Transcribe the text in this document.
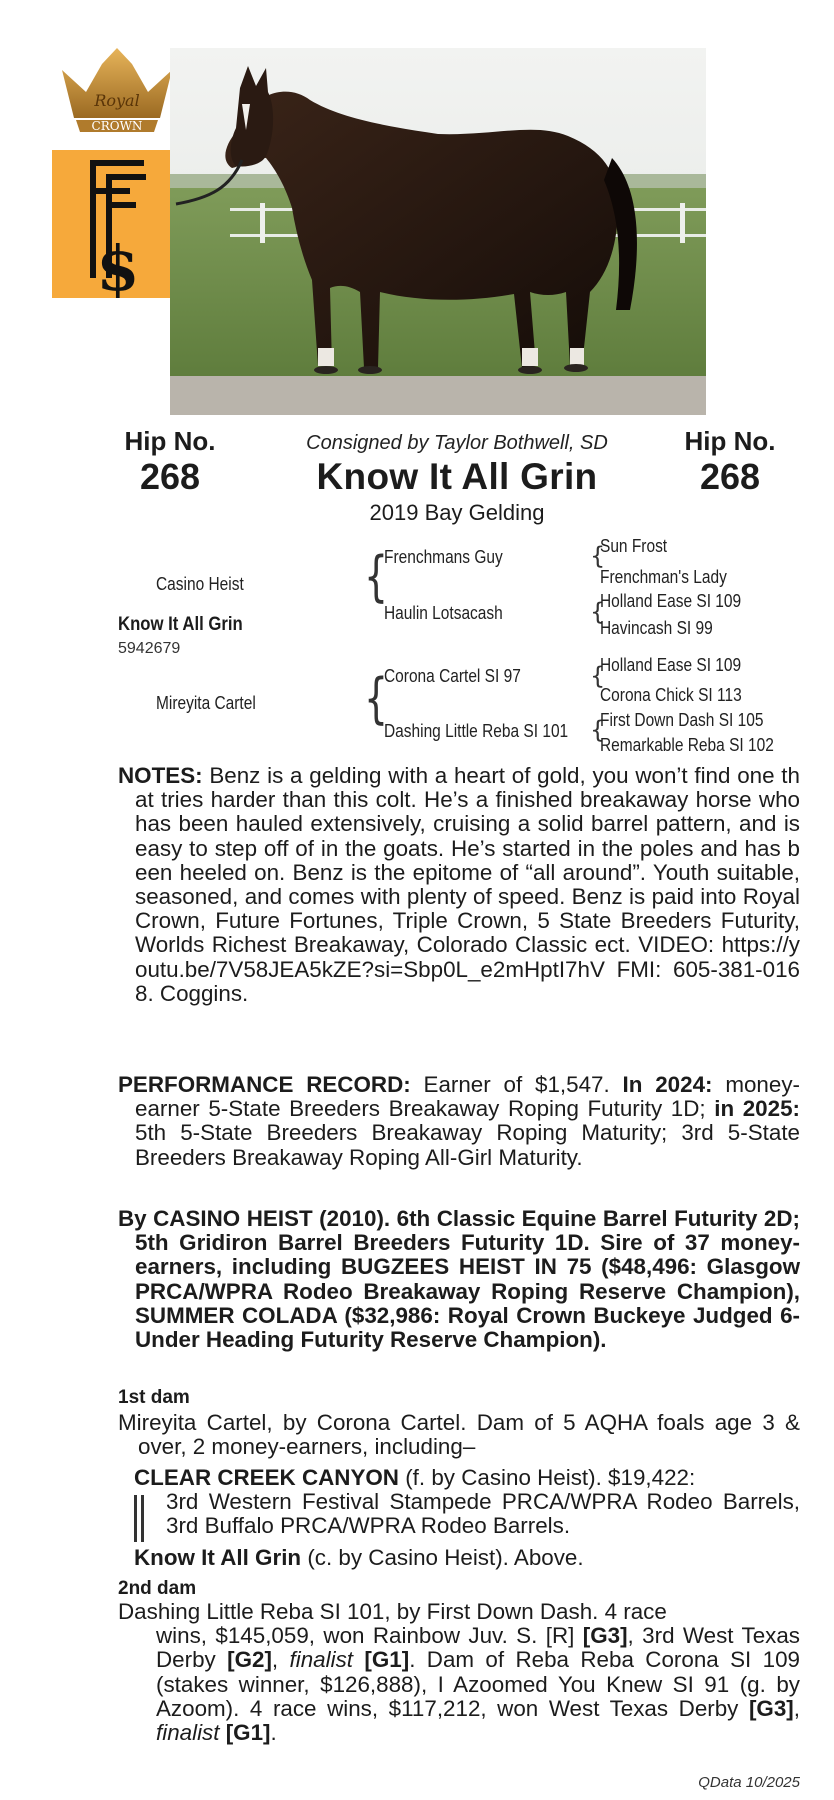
Royal
CROWN
$
Hip No.
268
Hip No.
268
Consigned by Taylor Bothwell, SD
Know It All Grin
2019 Bay Gelding
Casino Heist
Know It All Grin
5942679
Mireyita Cartel
{
Frenchmans Guy
Haulin Lotsacash
{
Corona Cartel SI 97
Dashing Little Reba SI 101
{
Sun Frost
Frenchman's Lady
{
Holland Ease SI 109
Havincash SI 99
{
Holland Ease SI 109
Corona Chick SI 113
{
First Down Dash SI 105
Remarkable Reba SI 102
NOTES: Benz is a gelding with a heart of gold, you won’t find one that tries harder than this colt. He’s a finished breakaway horse who has been hauled extensively, cruising a solid barrel pattern, and is easy to step off of in the goats. He’s started in the poles and has been heeled on. Benz is the epitome of “all around”. Youth suitable, seasoned, and comes with plenty of speed. Benz is paid into Royal Crown, Future Fortunes, Triple Crown, 5 State Breeders Futurity, Worlds Richest Breakaway, Colorado Classic ect. VIDEO: https://youtu.be/7V58JEA5kZE?si=Sbp0L_e2mHptI7hV FMI: 605-381-0168. Coggins.
PERFORMANCE RECORD: Earner of $1,547. In 2024: money-earner 5-State Breeders Breakaway Roping Futurity 1D; in 2025: 5th 5-State Breeders Breakaway Roping Maturity; 3rd 5-State Breeders Breakaway Roping All-Girl Maturity.
By CASINO HEIST (2010). 6th Classic Equine Barrel Futurity 2D; 5th Gridiron Barrel Breeders Futurity 1D. Sire of 37 money-earners, including BUGZEES HEIST IN 75 ($48,496: Glasgow PRCA/WPRA Rodeo Breakaway Roping Reserve Champion), SUMMER COLADA ($32,986: Royal Crown Buckeye Judged 6-Under Heading Futurity Reserve Champion).
1st dam
Mireyita Cartel, by Corona Cartel. Dam of 5 AQHA foals age 3 & over, 2 money-earners, including–
CLEAR CREEK CANYON (f. by Casino Heist). $19,422:
3rd Western Festival Stampede PRCA/WPRA Rodeo Barrels, 3rd Buffalo PRCA/WPRA Rodeo Barrels.
Know It All Grin (c. by Casino Heist). Above.
2nd dam
Dashing Little Reba SI 101, by First Down Dash. 4 race
wins, $145,059, won Rainbow Juv. S. [R] [G3], 3rd West Texas Derby [G2], finalist [G1]. Dam of Reba Reba Corona SI 109 (stakes winner, $126,888), I Azoomed You Knew SI 91 (g. by Azoom). 4 race wins, $117,212, won West Texas Derby [G3], finalist [G1].
QData 10/2025
